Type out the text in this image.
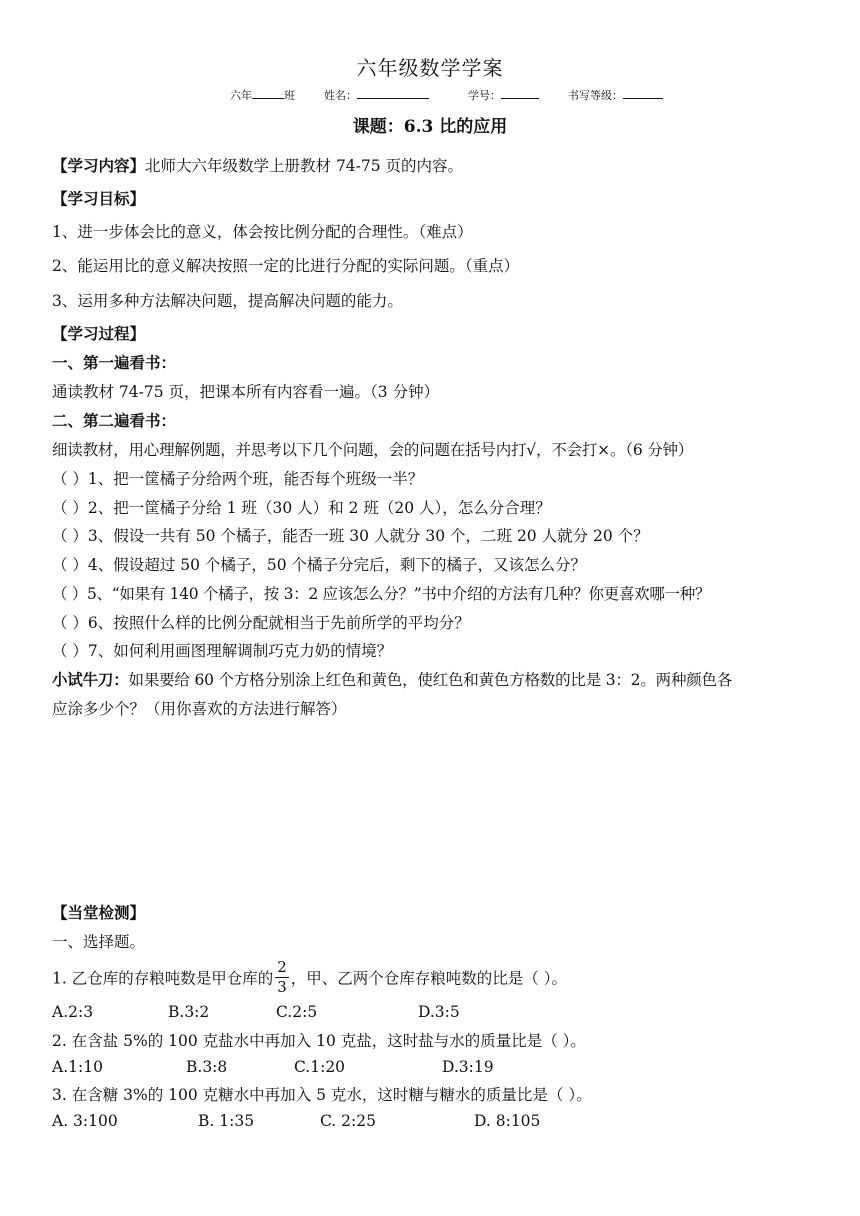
六年级数学学案
六年	班	姓名：	学号：	书写等级：
课题：6.3 比的应用
【学习内容】北师大六年级数学上册教材 74-75 页的内容。
【学习目标】
1、进一步体会比的意义，体会按比例分配的合理性。（难点）
2、能运用比的意义解决按照一定的比进行分配的实际问题。（重点）
3、运用多种方法解决问题，提高解决问题的能力。
【学习过程】
一、第一遍看书：
通读教材 74-75 页，把课本所有内容看一遍。（3 分钟）
二、第二遍看书：
细读教材，用心理解例题，并思考以下几个问题，会的问题在括号内打√，不会打×。（6 分钟）
（ ）1、把一筐橘子分给两个班，能否每个班级一半？
（ ）2、把一筐橘子分给 1 班（30 人）和 2 班（20 人），怎么分合理？
（ ）3、假设一共有 50 个橘子，能否一班 30 人就分 30 个，二班 20 人就分 20 个？
（ ）4、假设超过 50 个橘子，50 个橘子分完后，剩下的橘子，又该怎么分？
（ ）5、“如果有 140 个橘子，按 3：2 应该怎么分？”书中介绍的方法有几种？你更喜欢哪一种？
（ ）6、按照什么样的比例分配就相当于先前所学的平均分？
（ ）7、如何利用画图理解调制巧克力奶的情境？
小试牛刀：如果要给 60 个方格分别涂上红色和黄色，使红色和黄色方格数的比是 3：2。两种颜色各
应涂多少个？（用你喜欢的方法进行解答）
【当堂检测】
一、选择题。
1. 乙仓库的存粮吨数是甲仓库的 $\frac{2}{3}$ ，甲、乙两个仓库存粮吨数的比是（ ）。
A.2:3	B.3:2	C.2:5	D.3:5
2. 在含盐 5%的 100 克盐水中再加入 10 克盐，这时盐与水的质量比是（ ）。
A.1:10	B.3:8	C.1:20	D.3:19
3. 在含糖 3%的 100 克糖水中再加入 5 克水，这时糖与糖水的质量比是（ ）。
A. 3:100	B. 1:35	C. 2:25	D. 8:105
